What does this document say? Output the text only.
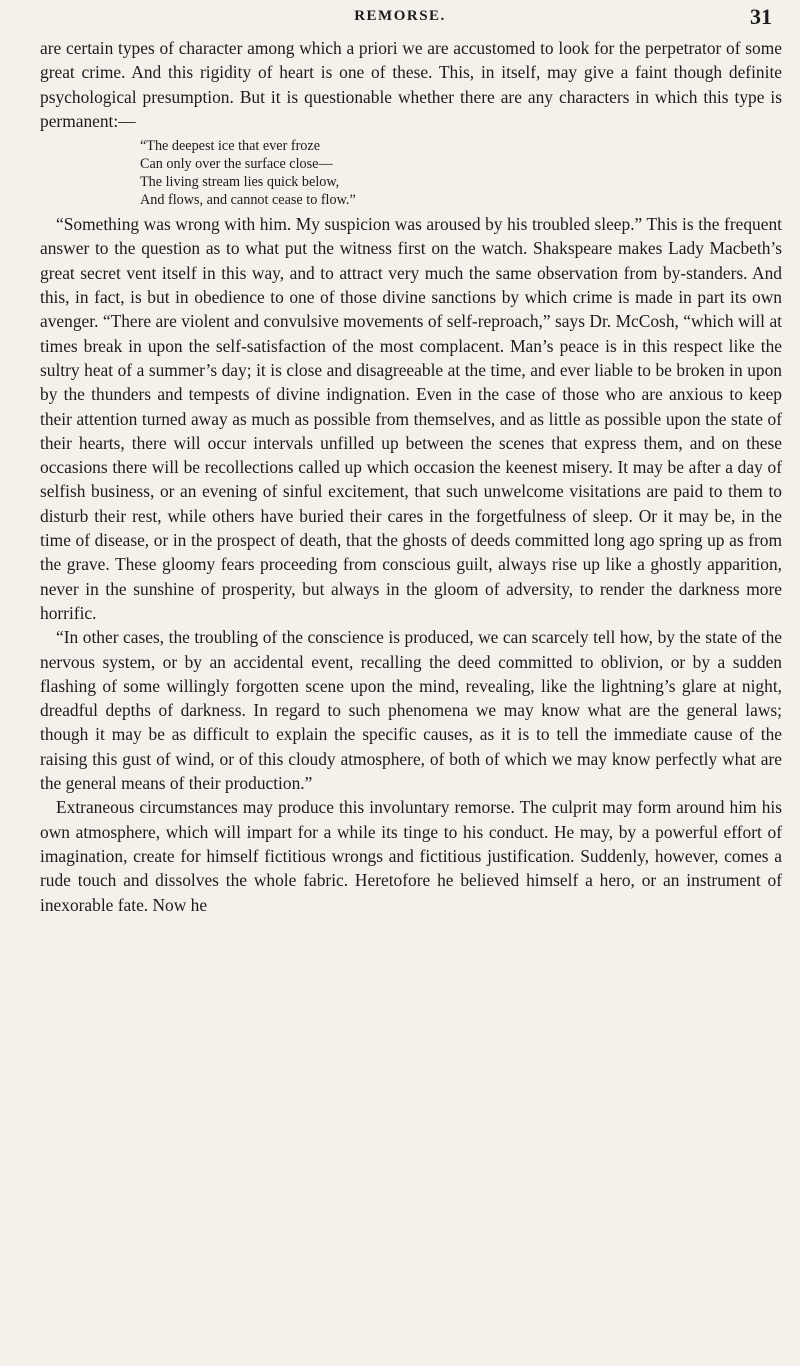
REMORSE.	31

are certain types of character among which a priori we are accustomed to look for the perpetrator of some great crime. And this rigidity of heart is one of these. This, in itself, may give a faint though definite psychological presumption. But it is questionable whether there are any characters in which this type is permanent:—

“The deepest ice that ever froze
Can only over the surface close—
The living stream lies quick below,
And flows, and cannot cease to flow.”

“Something was wrong with him. My suspicion was aroused by his troubled sleep.” This is the frequent answer to the question as to what put the witness first on the watch. Shakspeare makes Lady Macbeth’s great secret vent itself in this way, and to attract very much the same observation from by-standers. And this, in fact, is but in obedience to one of those divine sanctions by which crime is made in part its own avenger. “There are violent and convulsive movements of self-reproach,” says Dr. McCosh, “which will at times break in upon the self-satisfaction of the most complacent. Man’s peace is in this respect like the sultry heat of a summer’s day; it is close and disagreeable at the time, and ever liable to be broken in upon by the thunders and tempests of divine indignation. Even in the case of those who are anxious to keep their attention turned away as much as possible from themselves, and as little as possible upon the state of their hearts, there will occur intervals unfilled up between the scenes that express them, and on these occasions there will be recollections called up which occasion the keenest misery. It may be after a day of selfish business, or an evening of sinful excitement, that such unwelcome visitations are paid to them to disturb their rest, while others have buried their cares in the forgetfulness of sleep. Or it may be, in the time of disease, or in the prospect of death, that the ghosts of deeds committed long ago spring up as from the grave. These gloomy fears proceeding from conscious guilt, always rise up like a ghostly apparition, never in the sunshine of prosperity, but always in the gloom of adversity, to render the darkness more horrific.

“In other cases, the troubling of the conscience is produced, we can scarcely tell how, by the state of the nervous system, or by an accidental event, recalling the deed committed to oblivion, or by a sudden flashing of some willingly forgotten scene upon the mind, revealing, like the lightning’s glare at night, dreadful depths of darkness. In regard to such phenomena we may know what are the general laws; though it may be as difficult to explain the specific causes, as it is to tell the immediate cause of the raising this gust of wind, or of this cloudy atmosphere, of both of which we may know perfectly what are the general means of their production.”

Extraneous circumstances may produce this involuntary remorse. The culprit may form around him his own atmosphere, which will impart for a while its tinge to his conduct. He may, by a powerful effort of imagination, create for himself fictitious wrongs and fictitious justification. Suddenly, however, comes a rude touch and dissolves the whole fabric. Heretofore he believed himself a hero, or an instrument of inexorable fate. Now he
